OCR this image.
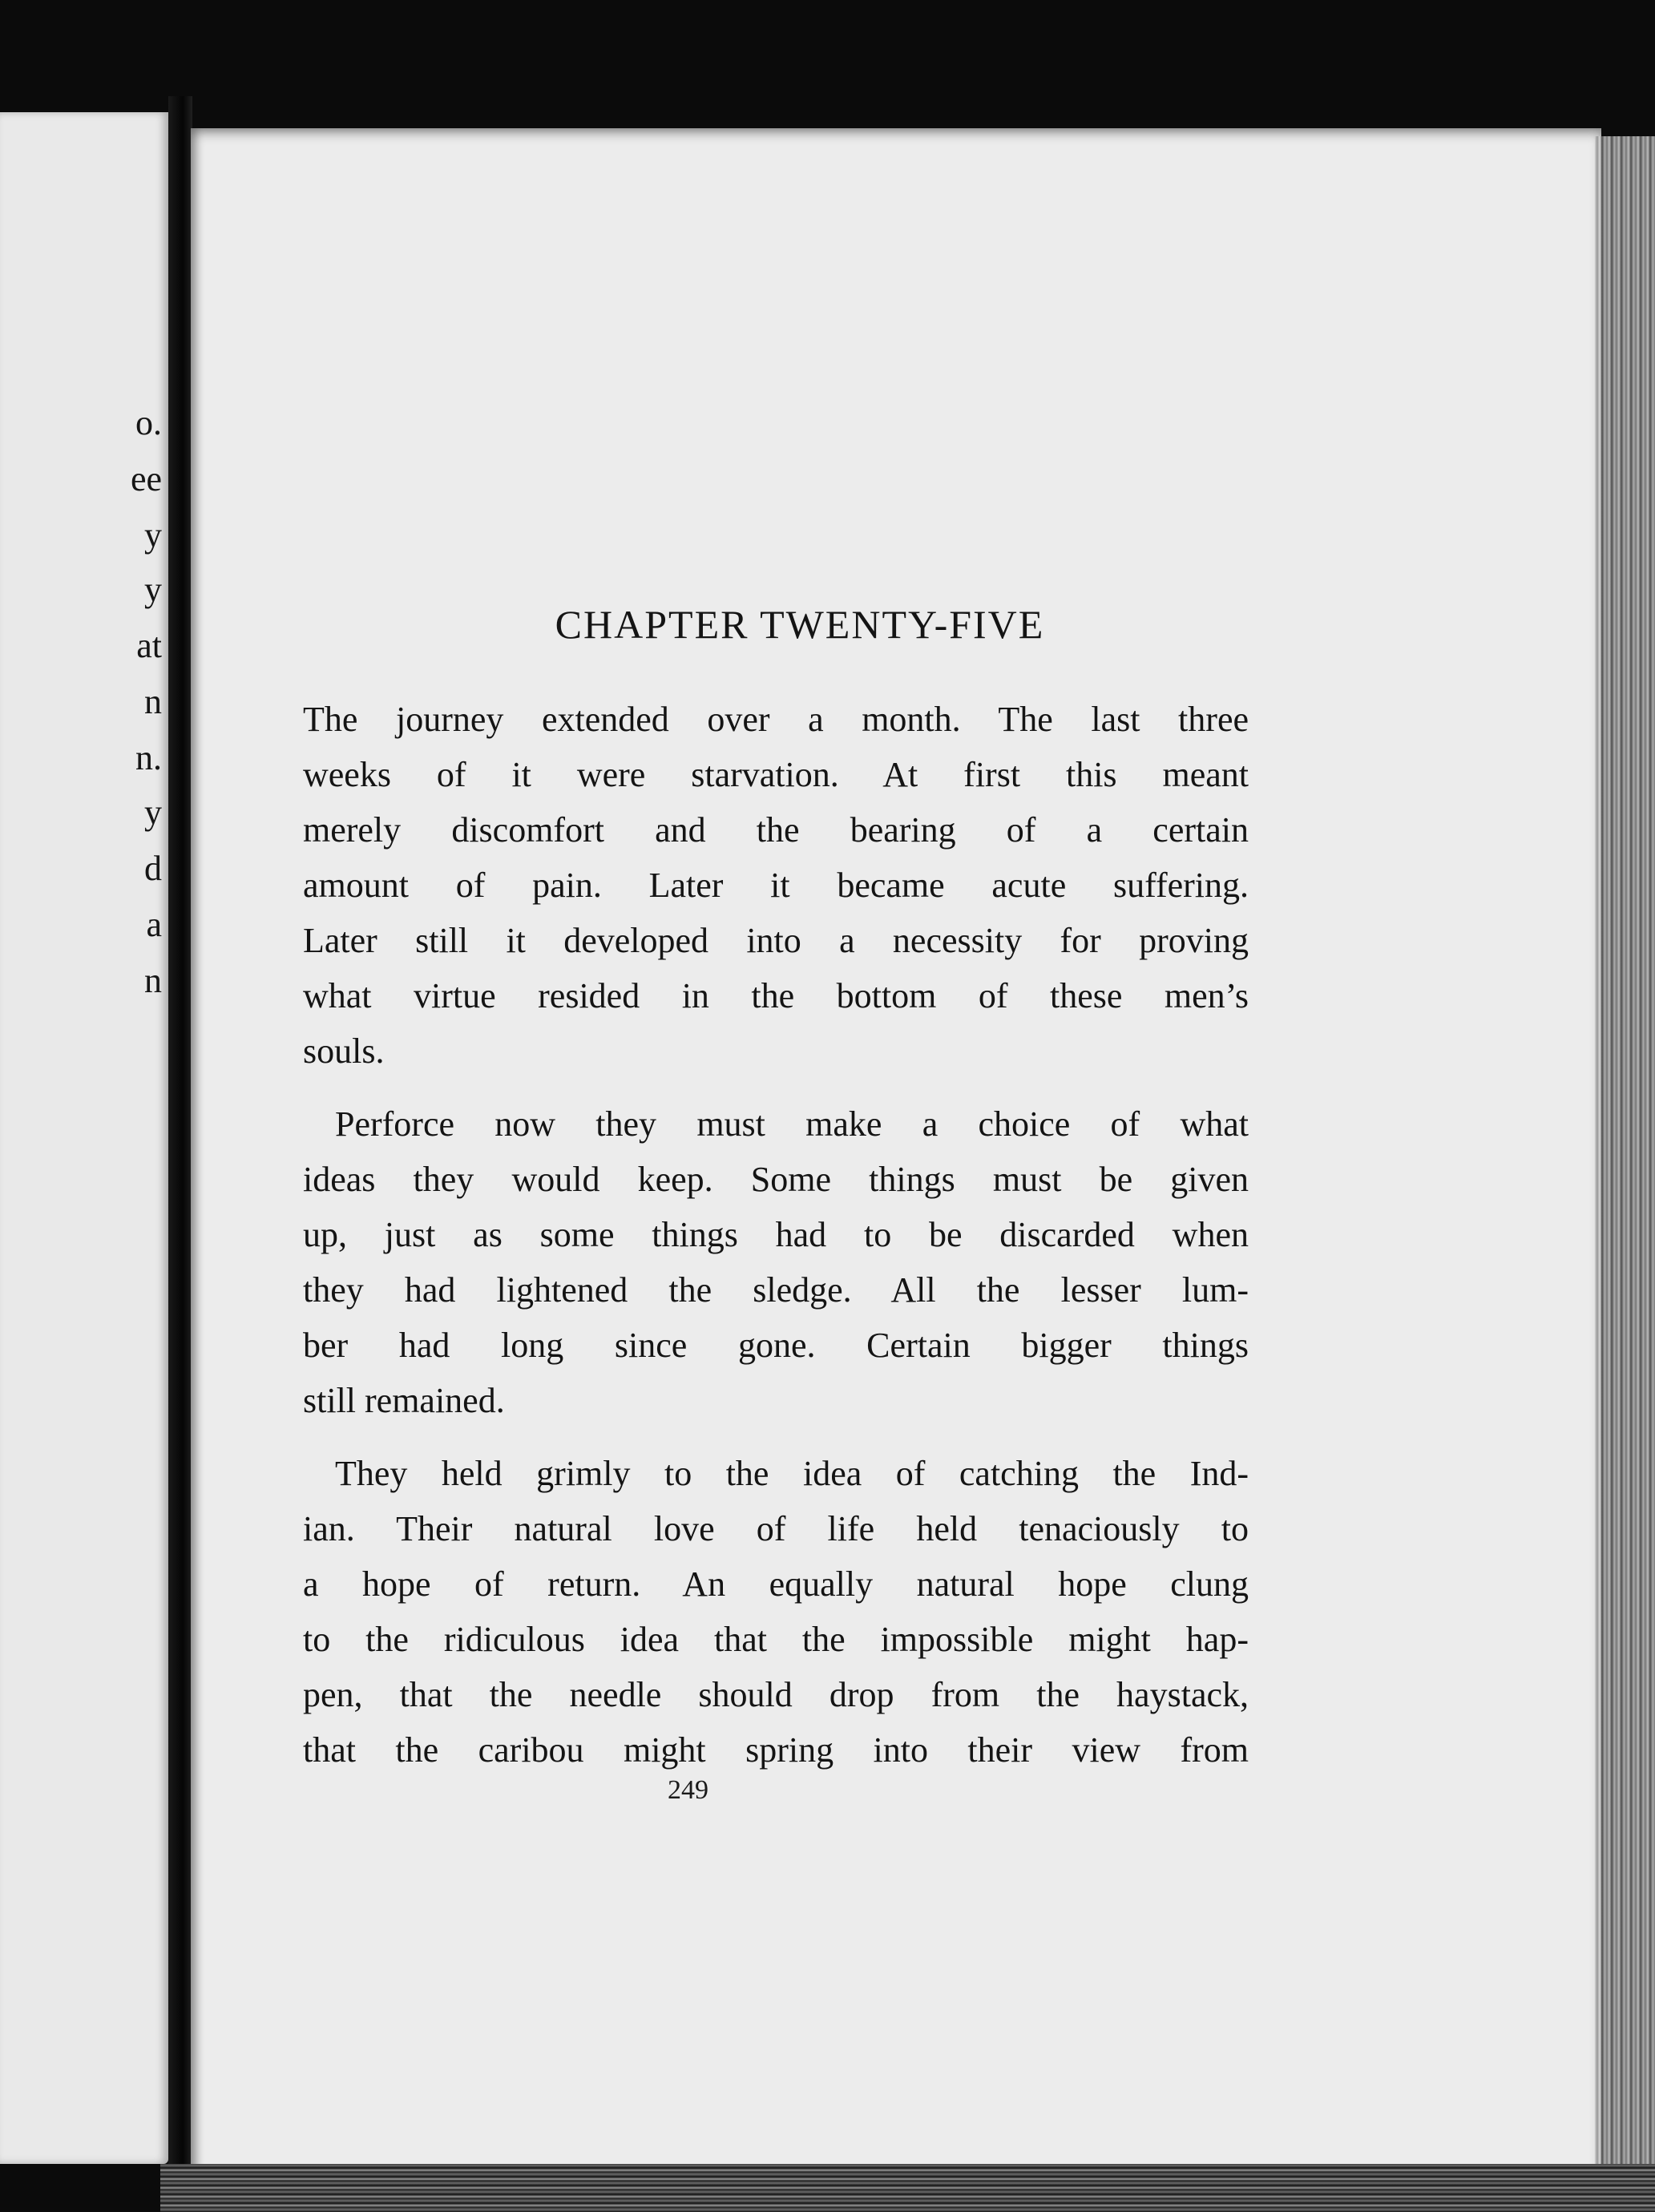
o.
ee
y
y
at
n
n.
y
d
a
n
CHAPTER TWENTY-FIVE
The journey extended over a month. The last three
weeks of it were starvation. At first this meant
merely discomfort and the bearing of a certain
amount of pain. Later it became acute suffering.
Later still it developed into a necessity for proving
what virtue resided in the bottom of these men’s
souls.
Perforce now they must make a choice of what
ideas they would keep. Some things must be given
up, just as some things had to be discarded when
they had lightened the sledge. All the lesser lum-
ber had long since gone. Certain bigger things
still remained.
They held grimly to the idea of catching the Ind-
ian. Their natural love of life held tenaciously to
a hope of return. An equally natural hope clung
to the ridiculous idea that the impossible might hap-
pen, that the needle should drop from the haystack,
that the caribou might spring into their view from
249
